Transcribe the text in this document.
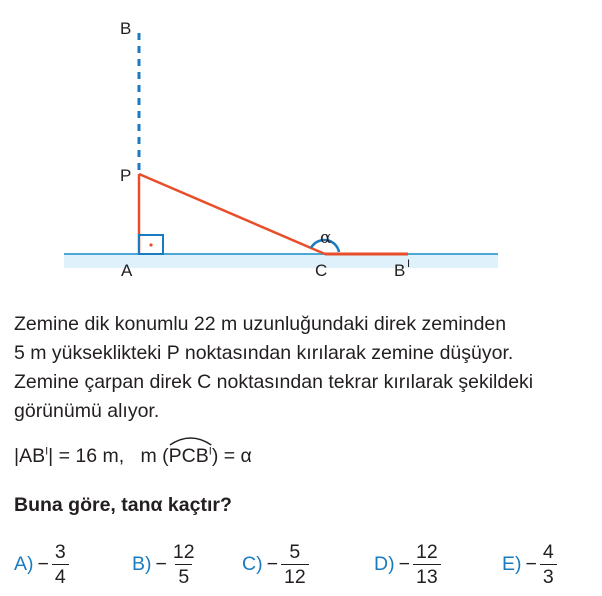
B
P
A	C	B I
α

Zemine dik konumlu 22 m uzunluğundaki direk zeminden

5 m yükseklikteki P noktasından kırılarak zemine düşüyor.

Zemine çarpan direk C noktasından tekrar kırılarak şekildeki

görünümü alıyor.

$|AB^I| = 16$ m, m (
$PCB^I) = \alpha$
Buna göre, tanα kaçtır?
$A) - \frac{3}{4}$	$B) - \frac{12}{5} C) - \frac{5}{12}$	$D) - \frac{12}{13}$	$E) - \frac{4}{3}$
